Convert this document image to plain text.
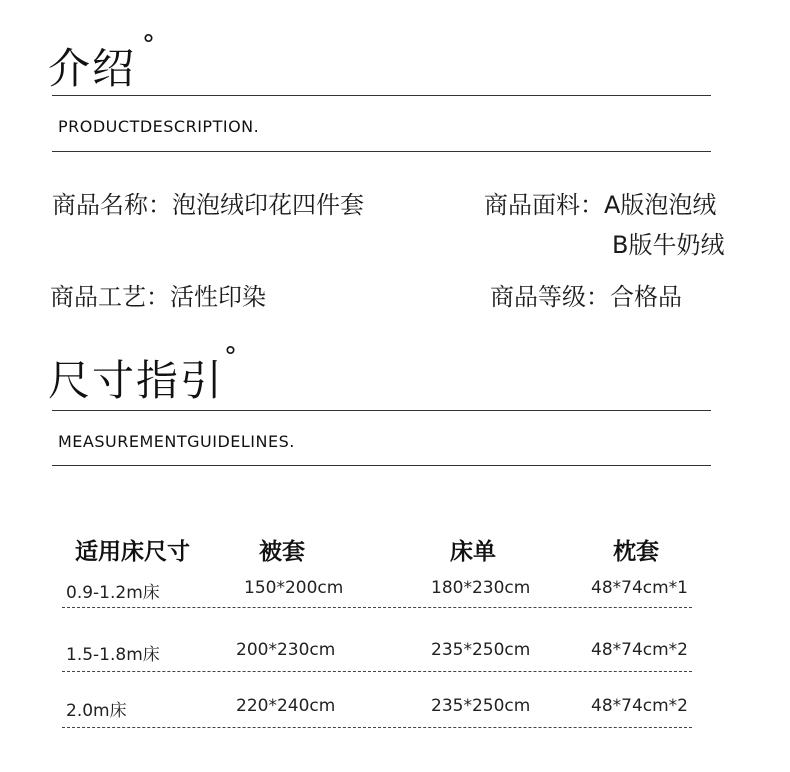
介绍 °
PRODUCTDESCRIPTION.
商品名称：泡泡绒印花四件套	商品面料：A版泡泡绒
B版牛奶绒
商品工艺：活性印染	商品等级：合格品
尺寸指引 °
MEASUREMENTGUIDELINES.
适用床尺寸	被套	床单	枕套
0.9-1.2m床	150*200cm	180*230cm	48*74cm*1
1.5-1.8m床	200*230cm	235*250cm	48*74cm*2
2.0m床	220*240cm	235*250cm	48*74cm*2
